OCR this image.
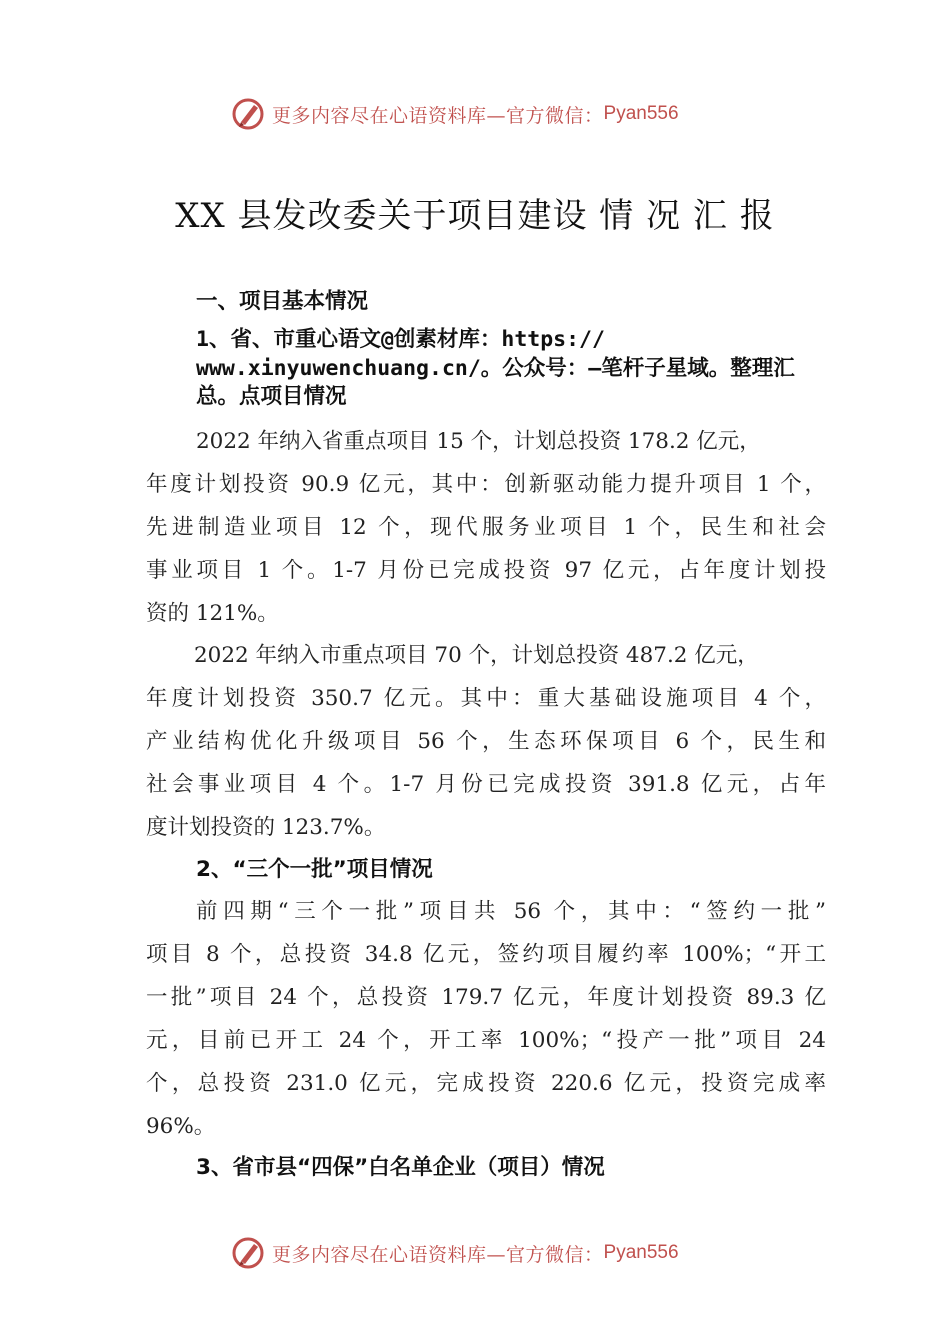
更多内容尽在心语资料库—官方微信： Pyan556
XX 县发改委关于项目建设 情 况 汇 报
一、项目基本情况
1、省、市重心语文@创素材库：https:// www.xinyuwenchuang.cn/。公众号：—笔杆子星域。整理汇总。点项目情况
2022 年纳入省重点项目 15 个，计划总投资 178.2 亿元，
年度计划投资 90.9 亿元，其中：创新驱动能力提升项目 1 个，
先进制造业项目 12 个，现代服务业项目 1 个，民生和社会
事业项目 1 个。1-7 月份已完成投资 97 亿元，占年度计划投
资的 121%。
2022 年纳入市重点项目 70 个，计划总投资 487.2 亿元，
年度计划投资 350.7 亿元。其中：重大基础设施项目 4 个，
产业结构优化升级项目 56 个，生态环保项目 6 个，民生和
社会事业项目 4 个。1-7 月份已完成投资 391.8 亿元，占年
度计划投资的 123.7%。
2、“三个一批”项目情况
前四期“三个一批”项目共 56 个，其中：“签约一批”
项目 8 个，总投资 34.8 亿元，签约项目履约率 100%；“开工
一批”项目 24 个，总投资 179.7 亿元，年度计划投资 89.3 亿
元，目前已开工 24 个，开工率 100%；“投产一批”项目 24
个，总投资 231.0 亿元，完成投资 220.6 亿元，投资完成率
96%。
3、省市县“四保”白名单企业（项目）情况
更多内容尽在心语资料库—官方微信： Pyan556
